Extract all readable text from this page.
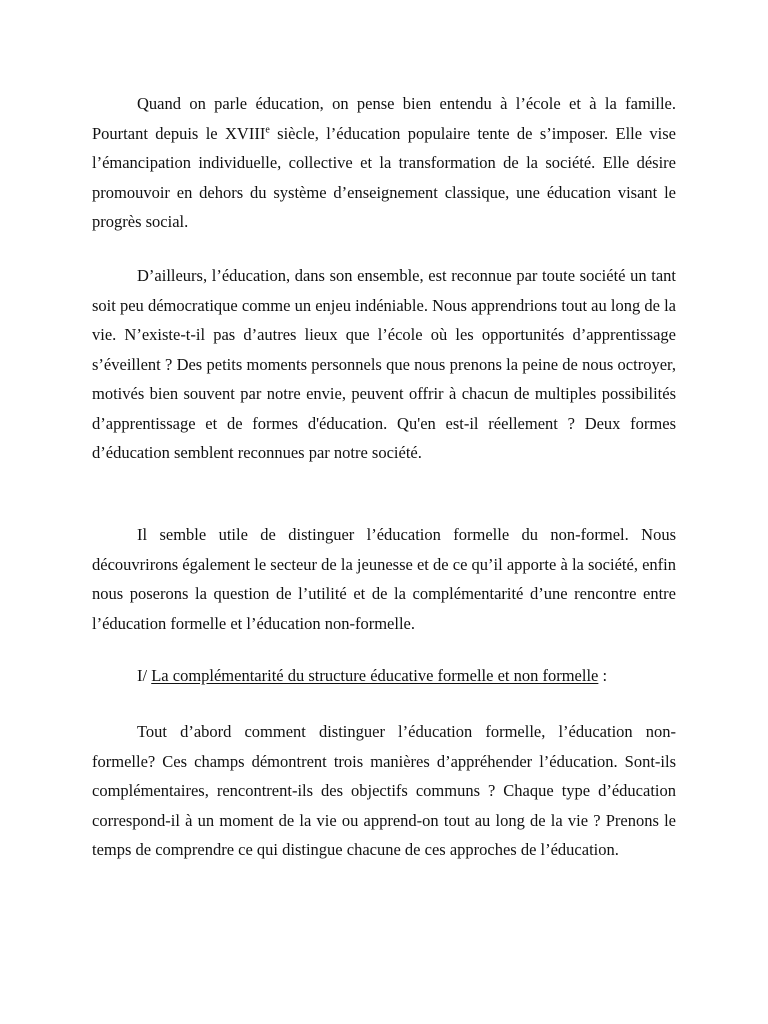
Quand on parle éducation, on pense bien entendu à l’école et à la famille. Pourtant depuis le XVIIIe siècle, l’éducation populaire tente de s’imposer. Elle vise l’émancipation individuelle, collective et la transformation de la société. Elle désire promouvoir en dehors du système d’enseignement classique, une éducation visant le progrès social.

D’ailleurs, l’éducation, dans son ensemble, est reconnue par toute société un tant soit peu démocratique comme un enjeu indéniable. Nous apprendrions tout au long de la vie. N’existe-t-il pas d’autres lieux que l’école où les opportunités d’apprentissage s’éveillent ? Des petits moments personnels que nous prenons la peine de nous octroyer, motivés bien souvent par notre envie, peuvent offrir à chacun de multiples possibilités d’apprentissage et de formes d'éducation. Qu'en est-il réellement ? Deux formes d’éducation semblent reconnues par notre société.

Il semble utile de distinguer l’éducation formelle du non-formel. Nous découvrirons également le secteur de la jeunesse et de ce qu’il apporte à la société, enfin nous poserons la question de l’utilité et de la complémentarité d’une rencontre entre l’éducation formelle et l’éducation non-formelle.

I/ La complémentarité du structure éducative formelle et non formelle :

Tout d’abord comment distinguer l’éducation formelle, l’éducation non-formelle? Ces champs démontrent trois manières d’appréhender l’éducation. Sont-ils complémentaires, rencontrent-ils des objectifs communs ? Chaque type d’éducation correspond-il à un moment de la vie ou apprend-on tout au long de la vie ? Prenons le temps de comprendre ce qui distingue chacune de ces approches de l’éducation.
